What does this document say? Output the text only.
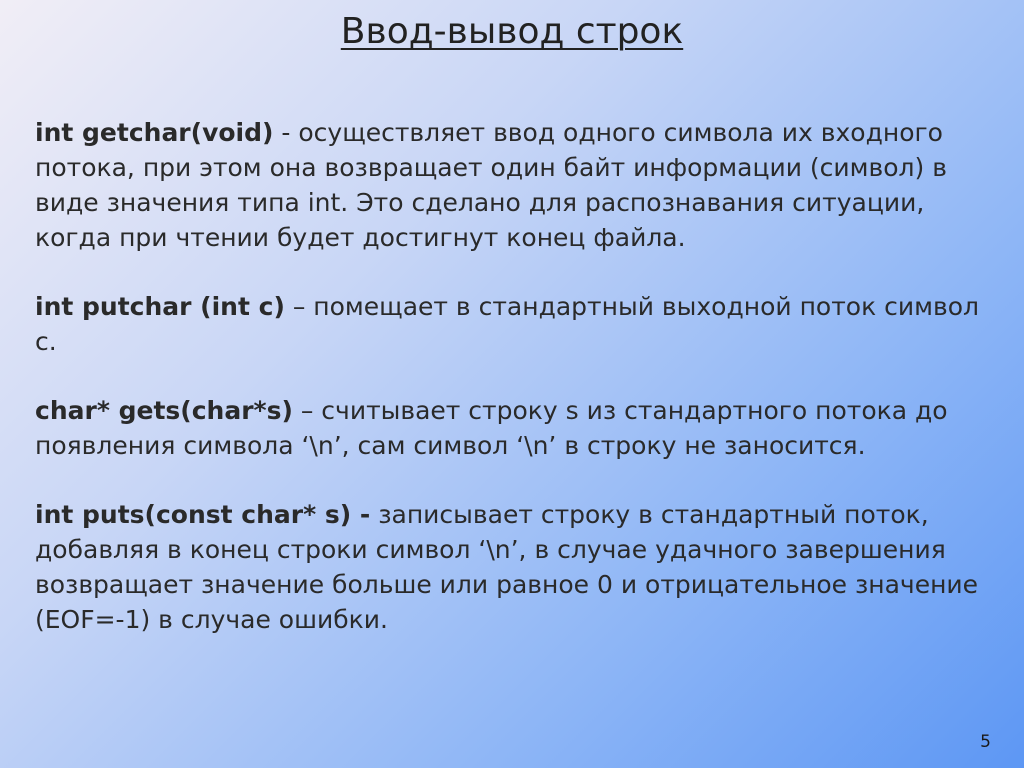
Ввод-вывод строк

int getchar(void) - осуществляет ввод одного символа их входного потока, при этом она возвращает один байт информации (символ) в виде значения типа int. Это сделано для распознавания ситуации, когда при чтении будет достигнут конец файла.

int putchar (int c) – помещает в стандартный выходной поток символ с.

char* gets(char*s) – считывает строку s из стандартного потока до появления символа ‘\n’, сам символ ‘\n’ в строку не заносится.

int puts(const char* s) - записывает строку в стандартный поток, добавляя в конец строки символ ‘\n’, в случае удачного завершения возвращает значение больше или равное 0 и отрицательное значение (EOF=-1) в случае ошибки.

5
